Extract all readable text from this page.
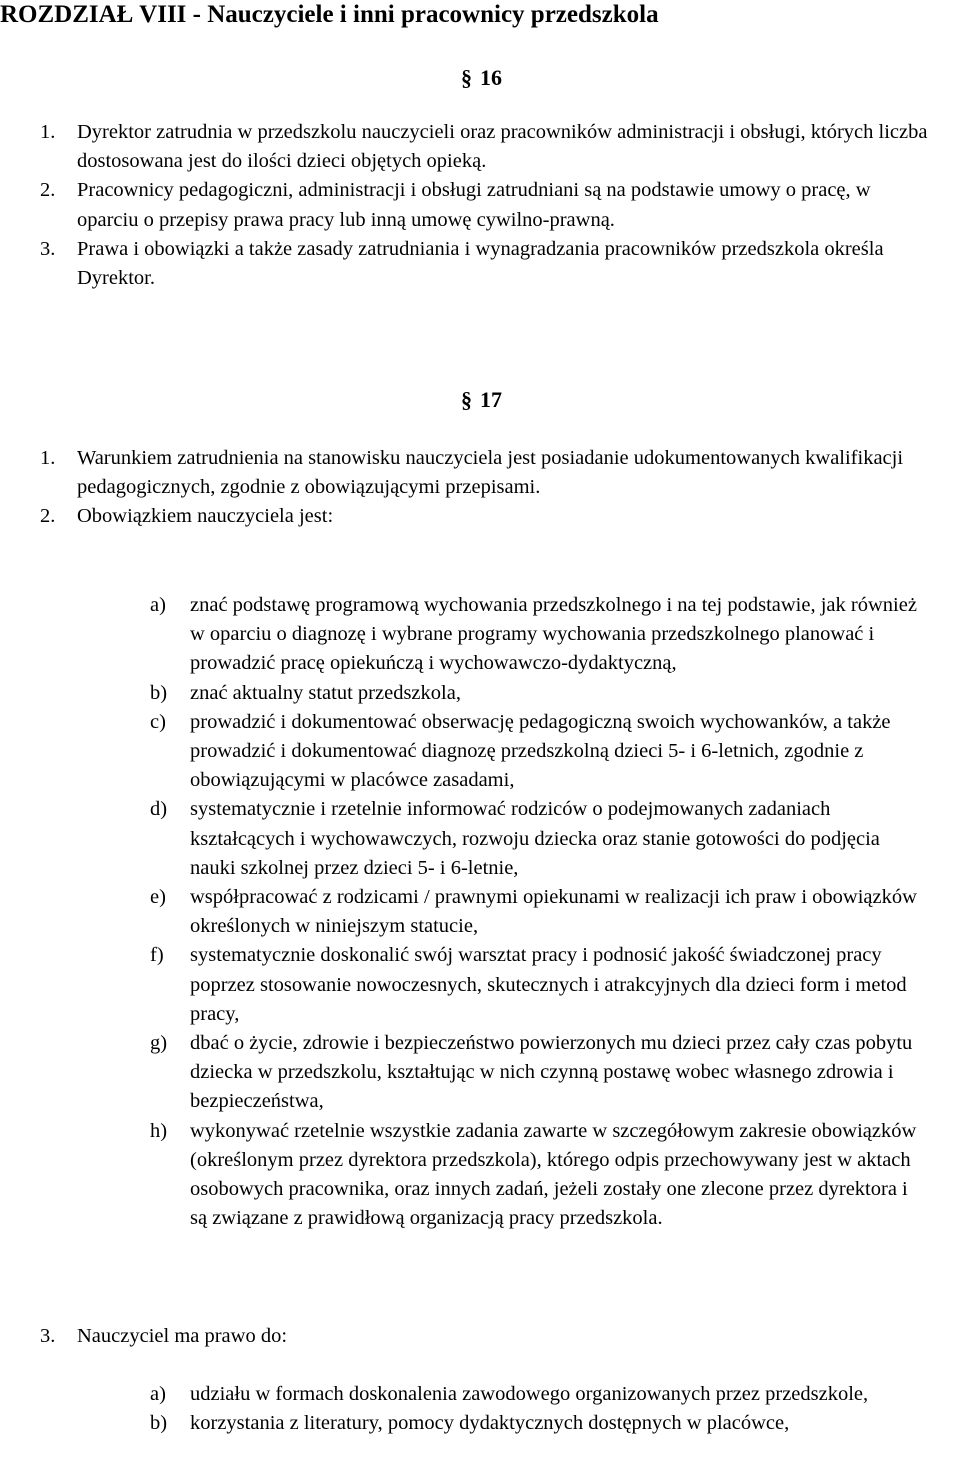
ROZDZIAŁ VIII - Nauczyciele i inni pracownicy przedszkola
§ 16
1. Dyrektor zatrudnia w przedszkolu nauczycieli oraz pracowników administracji i obsługi, których liczba dostosowana jest do ilości dzieci objętych opieką.
2. Pracownicy pedagogiczni, administracji i obsługi zatrudniani są na podstawie umowy o pracę, w oparciu o przepisy prawa pracy lub inną umowę cywilno-prawną.
3. Prawa i obowiązki a także zasady zatrudniania i wynagradzania pracowników przedszkola określa Dyrektor.
§ 17
1. Warunkiem zatrudnienia na stanowisku nauczyciela jest posiadanie udokumentowanych kwalifikacji pedagogicznych, zgodnie z obowiązującymi przepisami.
2. Obowiązkiem nauczyciela jest:
a) znać podstawę programową wychowania przedszkolnego i na tej podstawie, jak również w oparciu o diagnozę i wybrane programy wychowania przedszkolnego planować i prowadzić pracę opiekuńczą i wychowawczo-dydaktyczną,
b) znać aktualny statut przedszkola,
c) prowadzić i dokumentować obserwację pedagogiczną swoich wychowanków, a także prowadzić i dokumentować diagnozę przedszkolną dzieci 5- i 6-letnich, zgodnie z obowiązującymi w placówce zasadami,
d) systematycznie i rzetelnie informować rodziców o podejmowanych zadaniach kształcących i wychowawczych, rozwoju dziecka oraz stanie gotowości do podjęcia nauki szkolnej przez dzieci 5- i 6-letnie,
e) współpracować z rodzicami / prawnymi opiekunami w realizacji ich praw i obowiązków określonych w niniejszym statucie,
f) systematycznie doskonalić swój warsztat pracy i podnosić jakość świadczonej pracy poprzez stosowanie nowoczesnych, skutecznych i atrakcyjnych dla dzieci form i metod pracy,
g) dbać o życie, zdrowie i bezpieczeństwo powierzonych mu dzieci przez cały czas pobytu dziecka w przedszkolu, kształtując w nich czynną postawę wobec własnego zdrowia i bezpieczeństwa,
h) wykonywać rzetelnie wszystkie zadania zawarte w szczegółowym zakresie obowiązków (określonym przez dyrektora przedszkola), którego odpis przechowywany jest w aktach osobowych pracownika, oraz innych zadań, jeżeli zostały one zlecone przez dyrektora i są związane z prawidłową organizacją pracy przedszkola.
3. Nauczyciel ma prawo do:
a) udziału w formach doskonalenia zawodowego organizowanych przez przedszkole,
b) korzystania z literatury, pomocy dydaktycznych dostępnych w placówce,
